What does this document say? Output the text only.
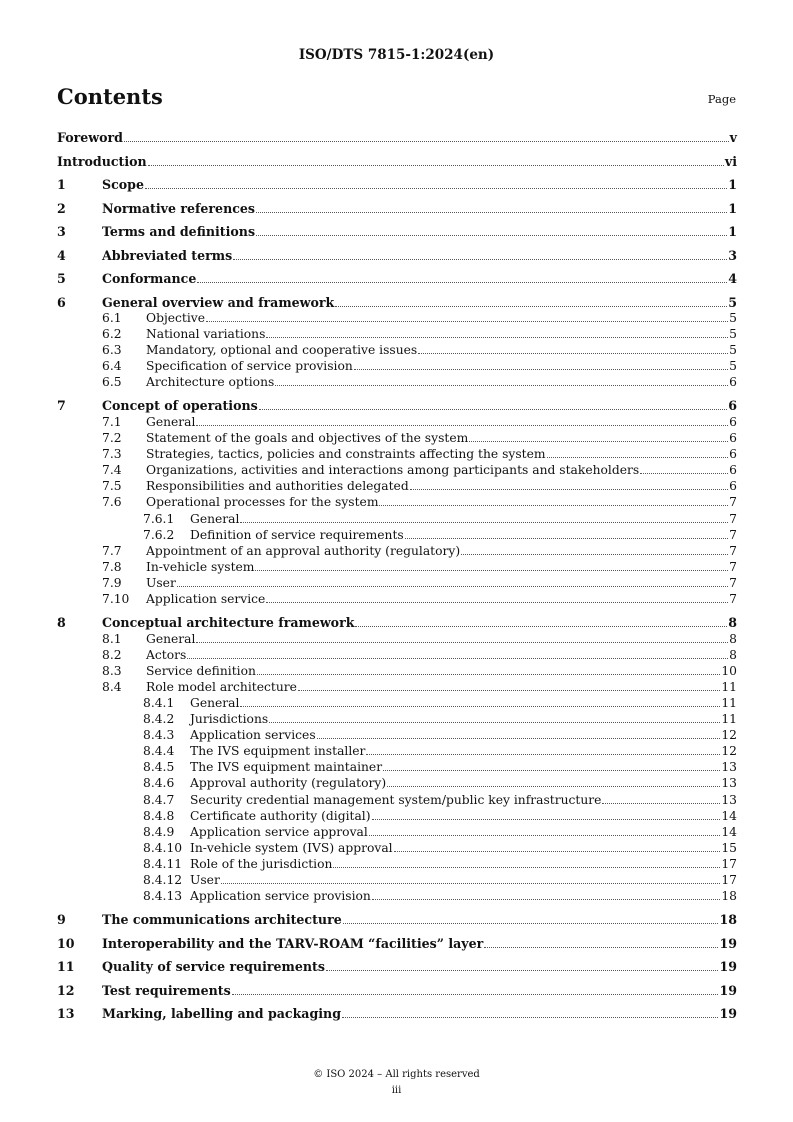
ISO/DTS 7815-1:2024(en)
Contents	Page
Foreword	v
Introduction	vi
1	Scope	1
2	Normative references	1
3	Terms and definitions	1
4	Abbreviated terms	3
5	Conformance	4
6	General overview and framework	5
6.1	Objective	5
6.2	National variations	5
6.3	Mandatory, optional and cooperative issues	5
6.4	Specification of service provision	5
6.5	Architecture options	6
7	Concept of operations	6
7.1	General	6
7.2	Statement of the goals and objectives of the system	6
7.3	Strategies, tactics, policies and constraints affecting the system	6
7.4	Organizations, activities and interactions among participants and stakeholders	6
7.5	Responsibilities and authorities delegated	6
7.6	Operational processes for the system	7
7.6.1	General	7
7.6.2	Definition of service requirements	7
7.7	Appointment of an approval authority (regulatory)	7
7.8	In-vehicle system	7
7.9	User	7
7.10	Application service	7
8	Conceptual architecture framework	8
8.1	General	8
8.2	Actors	8
8.3	Service definition	10
8.4	Role model architecture	11
8.4.1	General	11
8.4.2	Jurisdictions	11
8.4.3	Application services	12
8.4.4	The IVS equipment installer	12
8.4.5	The IVS equipment maintainer	13
8.4.6	Approval authority (regulatory)	13
8.4.7	Security credential management system/public key infrastructure	13
8.4.8	Certificate authority (digital)	14
8.4.9	Application service approval	14
8.4.10 In-vehicle system (IVS) approval	15
8.4.11 Role of the jurisdiction	17
8.4.12 User	17
8.4.13 Application service provision	18
9	The communications architecture	18
10	Interoperability and the TARV-ROAM “facilities” layer	19
11	Quality of service requirements	19
12	Test requirements	19
13	Marking, labelling and packaging	19
© ISO 2024 – All rights reserved
iii
